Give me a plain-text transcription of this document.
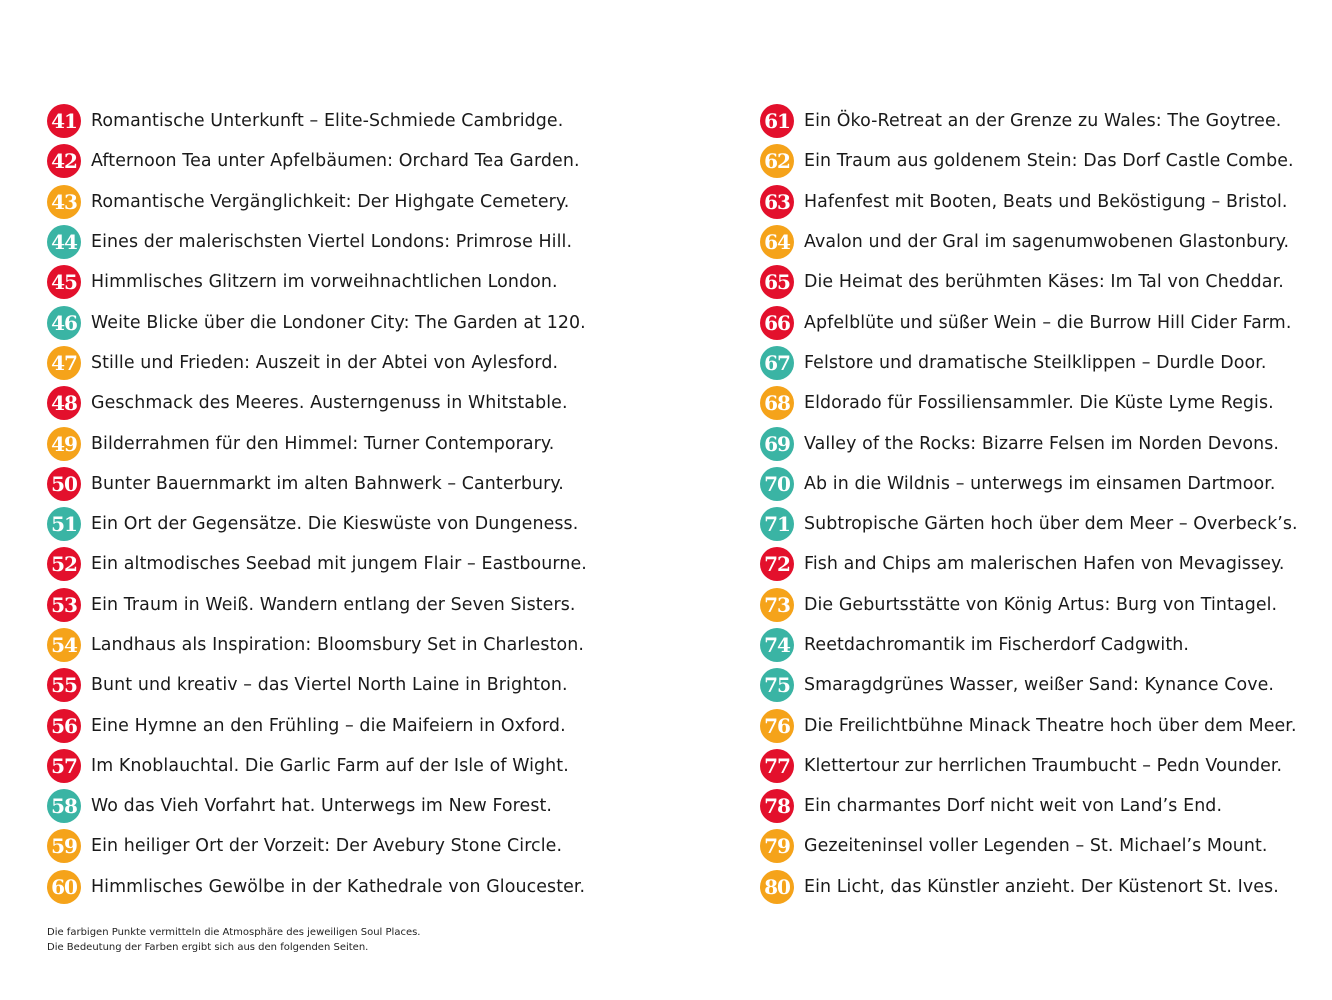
41 Romantische Unterkunft – Elite-Schmiede Cambridge.
42 Afternoon Tea unter Apfelbäumen: Orchard Tea Garden.
43 Romantische Vergänglichkeit: Der Highgate Cemetery.
44 Eines der malerischsten Viertel Londons: Primrose Hill.
45 Himmlisches Glitzern im vorweihnachtlichen London.
46 Weite Blicke über die Londoner City: The Garden at 120.
47 Stille und Frieden: Auszeit in der Abtei von Aylesford.
48 Geschmack des Meeres. Austerngenuss in Whitstable.
49 Bilderrahmen für den Himmel: Turner Contemporary.
50 Bunter Bauernmarkt im alten Bahnwerk – Canterbury.
51 Ein Ort der Gegensätze. Die Kieswüste von Dungeness.
52 Ein altmodisches Seebad mit jungem Flair – Eastbourne.
53 Ein Traum in Weiß. Wandern entlang der Seven Sisters.
54 Landhaus als Inspiration: Bloomsbury Set in Charleston.
55 Bunt und kreativ – das Viertel North Laine in Brighton.
56 Eine Hymne an den Frühling – die Maifeiern in Oxford.
57 Im Knoblauchtal. Die Garlic Farm auf der Isle of Wight.
58 Wo das Vieh Vorfahrt hat. Unterwegs im New Forest.
59 Ein heiliger Ort der Vorzeit: Der Avebury Stone Circle.
60 Himmlisches Gewölbe in der Kathedrale von Gloucester.
61 Ein Öko-Retreat an der Grenze zu Wales: The Goytree.
62 Ein Traum aus goldenem Stein: Das Dorf Castle Combe.
63 Hafenfest mit Booten, Beats und Beköstigung – Bristol.
64 Avalon und der Gral im sagenumwobenen Glastonbury.
65 Die Heimat des berühmten Käses: Im Tal von Cheddar.
66 Apfelblüte und süßer Wein – die Burrow Hill Cider Farm.
67 Felstore und dramatische Steilklippen – Durdle Door.
68 Eldorado für Fossiliensammler. Die Küste Lyme Regis.
69 Valley of the Rocks: Bizarre Felsen im Norden Devons.
70 Ab in die Wildnis – unterwegs im einsamen Dartmoor.
71 Subtropische Gärten hoch über dem Meer – Overbeck’s.
72 Fish and Chips am malerischen Hafen von Mevagissey.
73 Die Geburtsstätte von König Artus: Burg von Tintagel.
74 Reetdachromantik im Fischerdorf Cadgwith.
75 Smaragdgrünes Wasser, weißer Sand: Kynance Cove.
76 Die Freilichtbühne Minack Theatre hoch über dem Meer.
77 Klettertour zur herrlichen Traumbucht – Pedn Vounder.
78 Ein charmantes Dorf nicht weit von Land’s End.
79 Gezeiteninsel voller Legenden – St. Michael’s Mount.
80 Ein Licht, das Künstler anzieht. Der Küstenort St. Ives.
Die farbigen Punkte vermitteln die Atmosphäre des jeweiligen Soul Places.
Die Bedeutung der Farben ergibt sich aus den folgenden Seiten.
